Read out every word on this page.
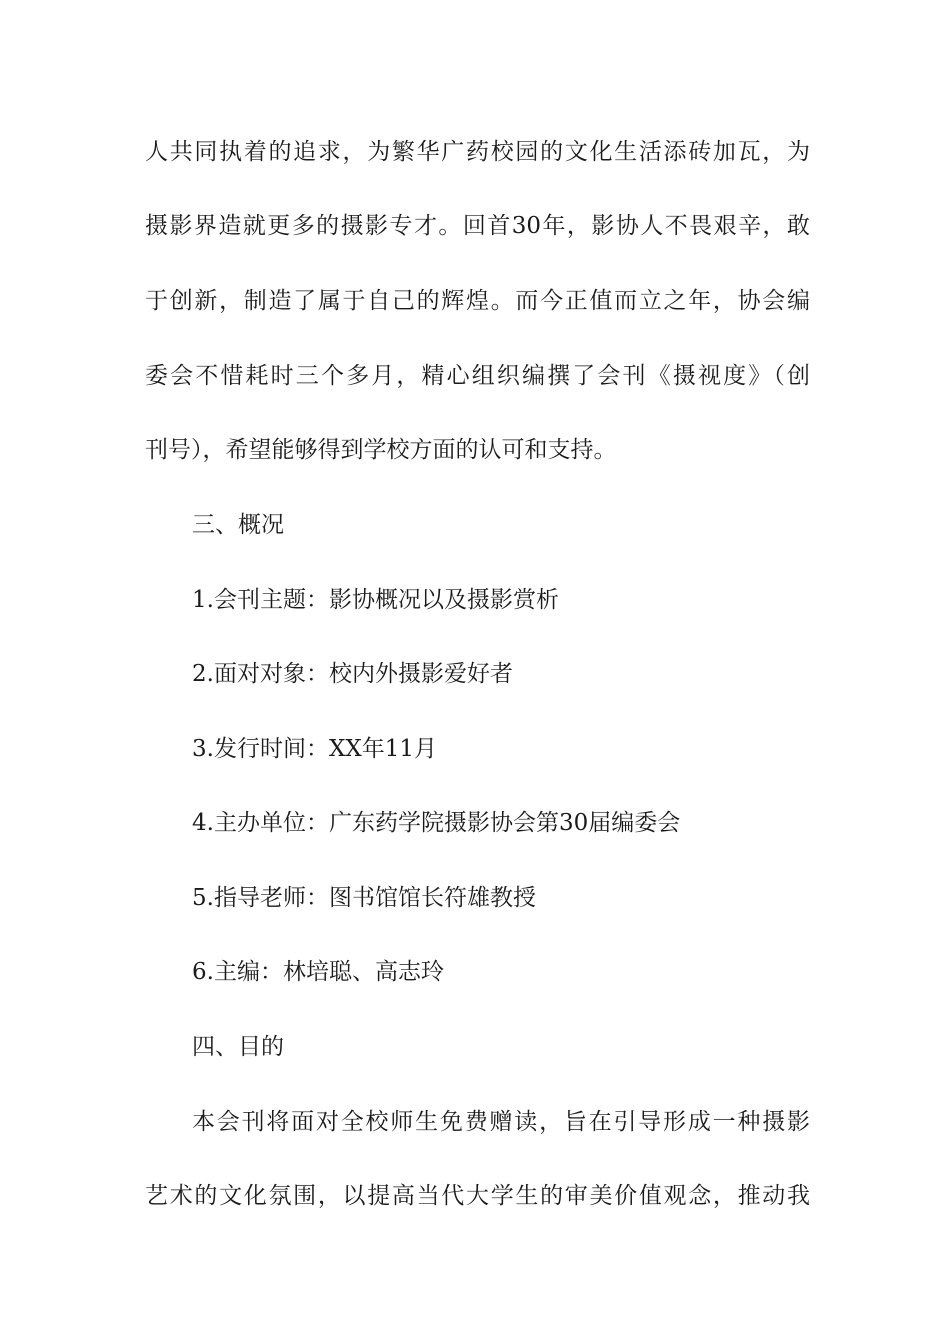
人共同执着的追求，为繁华广药校园的文化生活添砖加瓦，为
摄影界造就更多的摄影专才。回首30年，影协人不畏艰辛，敢
于创新，制造了属于自己的辉煌。而今正值而立之年，协会编
委会不惜耗时三个多月，精心组织编撰了会刊《摄视度》（创
刊号），希望能够得到学校方面的认可和支持。
三、概况
1.会刊主题：影协概况以及摄影赏析
2.面对对象：校内外摄影爱好者
3.发行时间：XX年11月
4.主办单位：广东药学院摄影协会第30届编委会
5.指导老师：图书馆馆长符雄教授
6.主编：林培聪、高志玲
四、目的
本会刊将面对全校师生免费赠读，旨在引导形成一种摄影
艺术的文化氛围，以提高当代大学生的审美价值观念，推动我
